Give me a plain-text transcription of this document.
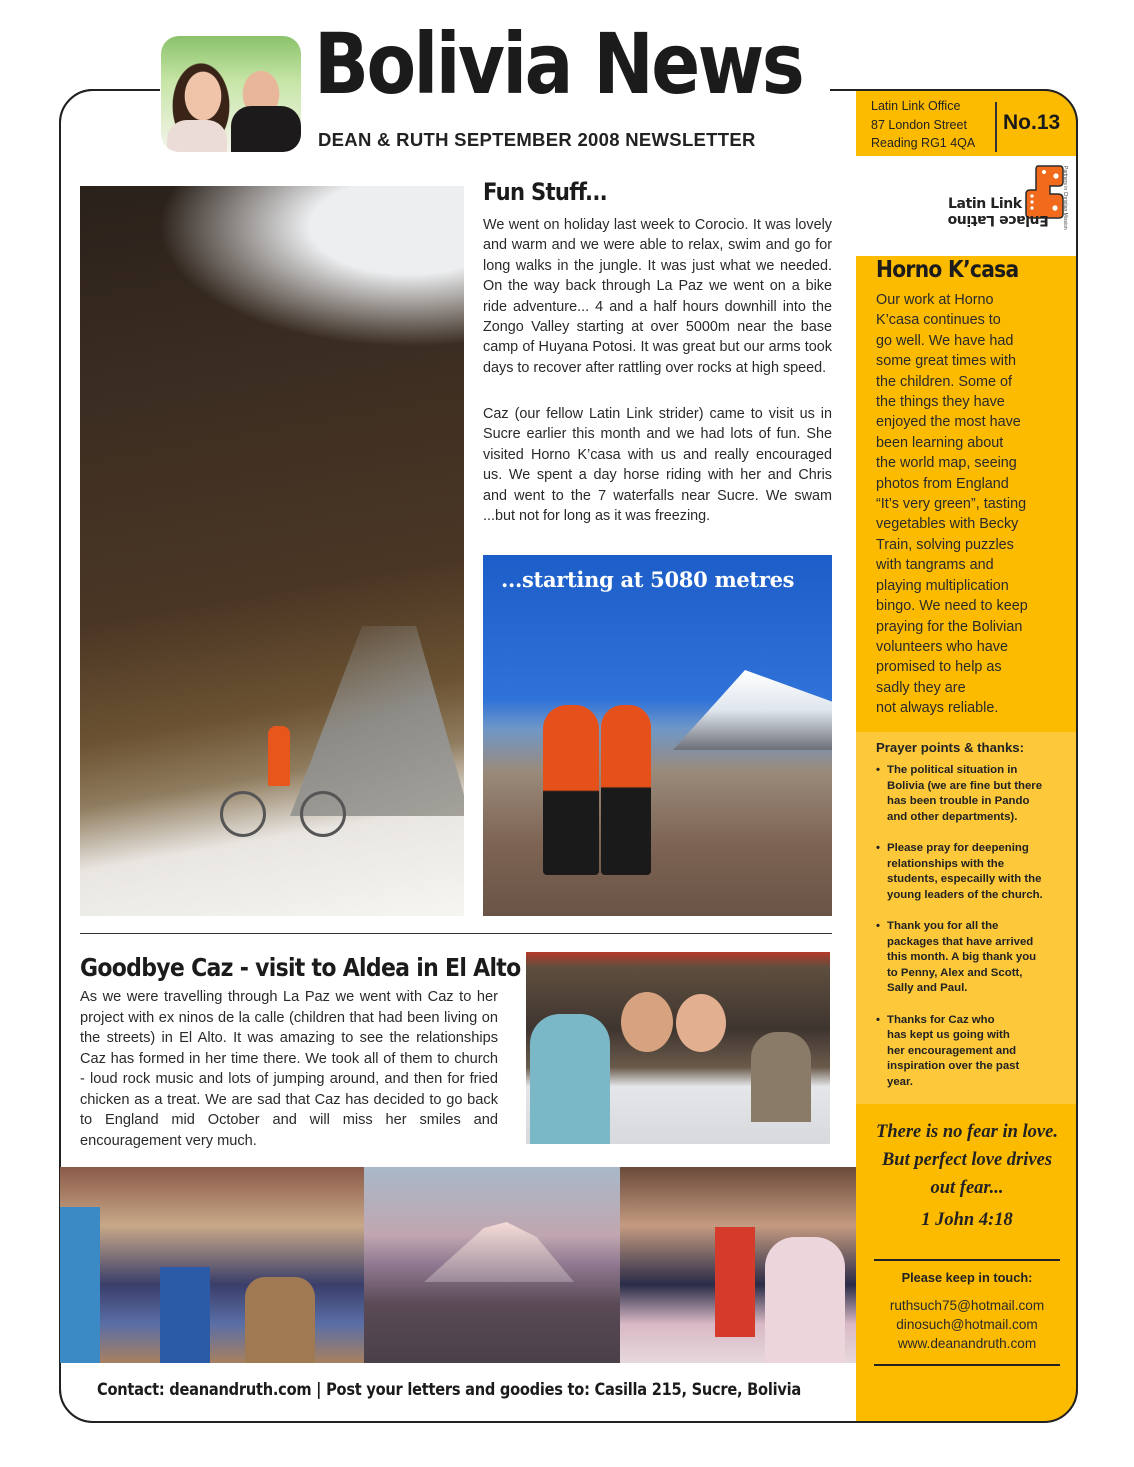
Bolivia News
DEAN & RUTH SEPTEMBER 2008 NEWSLETTER
Latin Link Office
87 London Street
Reading RG1 4QA
No.13
Latin Link
Enlace Latino	Partners in Christian Mission
Fun Stuff...

We went on holiday last week to Corocio. It was lovely and warm and we were able to relax, swim and go for long walks in the jungle. It was just what we needed. On the way back through La Paz we went on a bike ride adventure... 4 and a half hours downhill into the Zongo Valley starting at over 5000m near the base camp of Huyana Potosi. It was great but our arms took days to recover after rattling over rocks at high speed.

Caz (our fellow Latin Link strider) came to visit us in Sucre earlier this month and we had lots of fun. She visited Horno K’casa with us and really encouraged us. We spent a day horse riding with her and Chris and went to the 7 waterfalls near Sucre. We swam ...but not for long as it was freezing.

...starting at 5080 metres
Goodbye Caz - visit to Aldea in El Alto

As we were travelling through La Paz we went with Caz to her project with ex ninos de la calle (children that had been living on the streets) in El Alto. It was amazing to see the relationships Caz has formed in her time there. We took all of them to church - loud rock music and lots of jumping around, and then for fried chicken as a treat. We are sad that Caz has decided to go back to England mid October and will miss her smiles and encouragement very much.

Contact: deanandruth.com | Post your letters and goodies to: Casilla 215, Sucre, Bolivia
Horno K’casa
Our work at Horno
K’casa continues to
go well. We have had
some great times with
the children. Some of
the things they have
enjoyed the most have
been learning about
the world map, seeing
photos from England
“It’s very green”, tasting
vegetables with Becky
Train, solving puzzles
with tangrams and
playing multiplication
bingo. We need to keep
praying for the Bolivian
volunteers who have
promised to help as
sadly they are
not always reliable.
Prayer points & thanks:
• The political situation in
Bolivia (we are fine but there
has been trouble in Pando
and other departments).
• Please pray for deepening
relationships with the
students, especailly with the
young leaders of the church.
• Thank you for all the
packages that have arrived
this month. A big thank you
to Penny, Alex and Scott,
Sally and Paul.
• Thanks for Caz who
has kept us going with
her encouragement and
inspiration over the past
year.
There is no fear in love.
But perfect love drives
out fear...
1 John 4:18
Please keep in touch:
ruthsuch75@hotmail.com
dinosuch@hotmail.com
www.deanandruth.com
